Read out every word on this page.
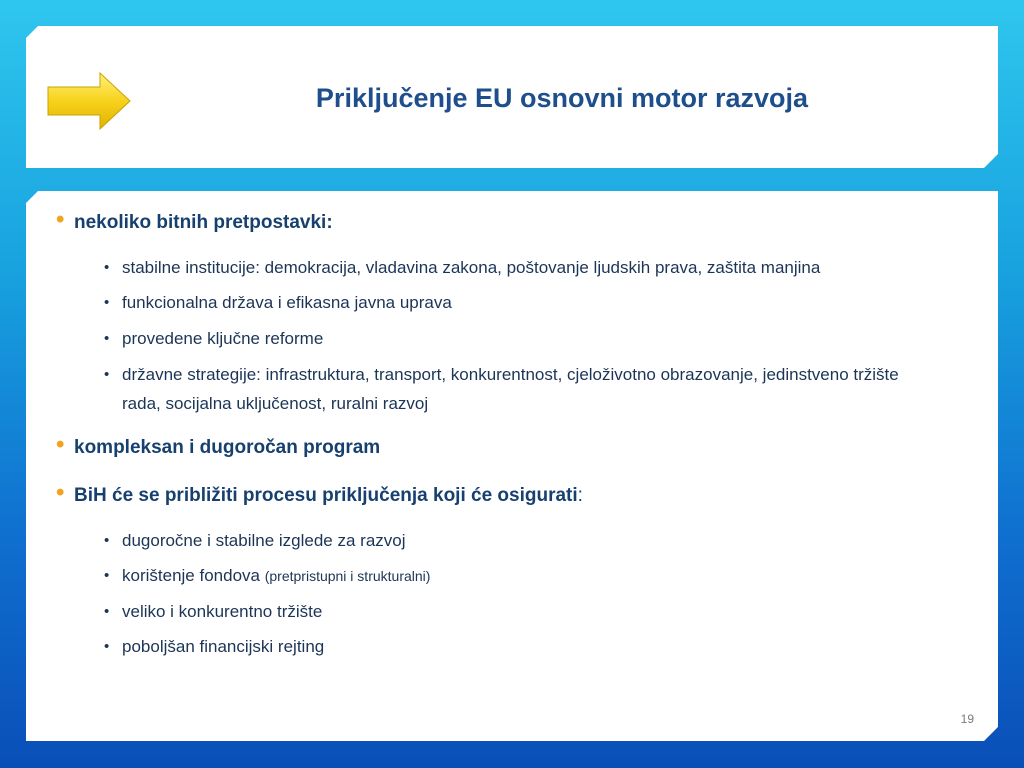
Priključenje EU osnovni motor razvoja
• nekoliko bitnih pretpostavki:
• stabilne institucije: demokracija, vladavina zakona, poštovanje ljudskih prava, zaštita manjina
• funkcionalna država i efikasna javna uprava
• provedene ključne reforme
• državne strategije: infrastruktura, transport, konkurentnost, cjeloživotno obrazovanje, jedinstveno tržište rada, socijalna uključenost, ruralni razvoj
• kompleksan i dugoročan program
• BiH će se približiti procesu priključenja koji će osigurati:
• dugoročne i stabilne izglede za razvoj
• korištenje fondova (pretpristupni i strukturalni)
• veliko i konkurentno tržište
• poboljšan financijski rejting
19
